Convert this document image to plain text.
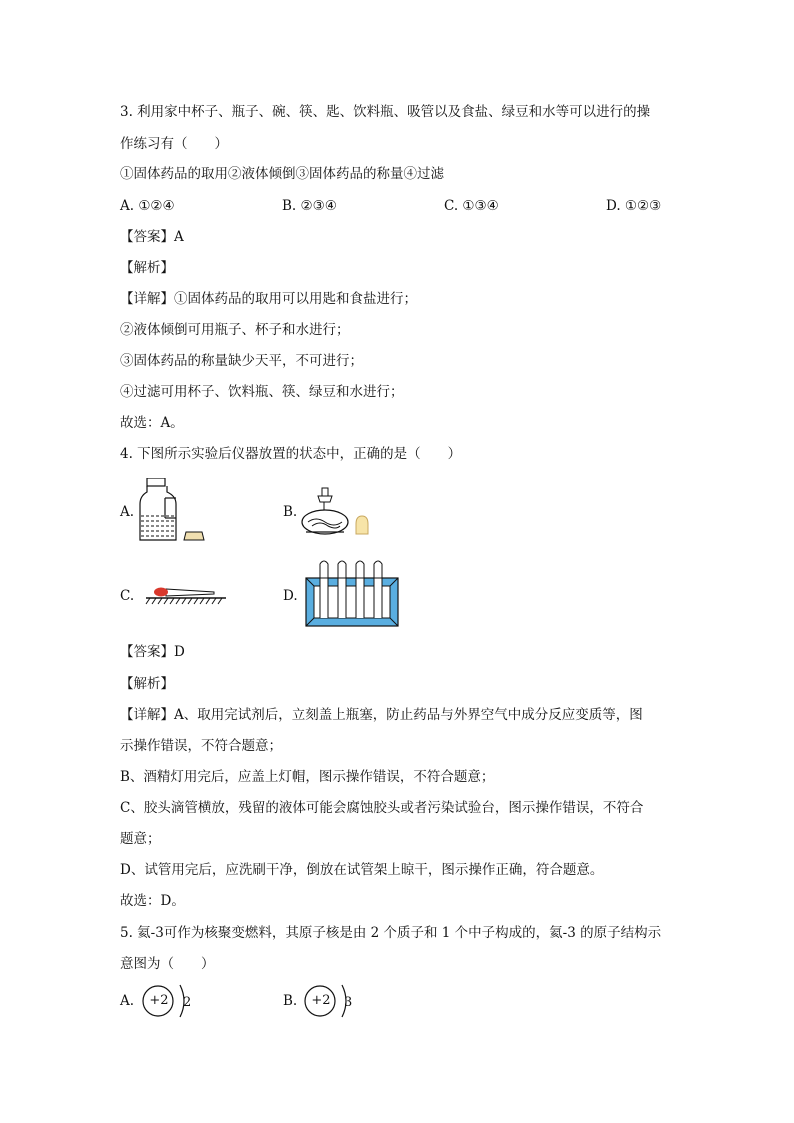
3. 利用家中杯子、瓶子、碗、筷、匙、饮料瓶、吸管以及食盐、绿豆和水等可以进行的操
作练习有（　　）
①固体药品的取用②液体倾倒③固体药品的称量④过滤
A. ①②④	B. ②③④	C. ①③④	D. ①②③
【答案】A
【解析】
【详解】①固体药品的取用可以用匙和食盐进行；
②液体倾倒可用瓶子、杯子和水进行；
③固体药品的称量缺少天平，不可进行；
④过滤可用杯子、饮料瓶、筷、绿豆和水进行；
故选：A。
4. 下图所示实验后仪器放置的状态中，正确的是（　　）
A.	B.
C.	D.
【答案】D
【解析】
【详解】A、取用完试剂后，立刻盖上瓶塞，防止药品与外界空气中成分反应变质等，图
示操作错误，不符合题意；
B、酒精灯用完后，应盖上灯帽，图示操作错误，不符合题意；
C、胶头滴管横放，残留的液体可能会腐蚀胶头或者污染试验台，图示操作错误，不符合
题意；
D、试管用完后，应洗刷干净，倒放在试管架上晾干，图示操作正确，符合题意。
故选：D。
5. 氦-3可作为核聚变燃料，其原子核是由 2 个质子和 1 个中子构成的，氦-3 的原子结构示
意图为（　　）
A. +2 2	B. +2 3
